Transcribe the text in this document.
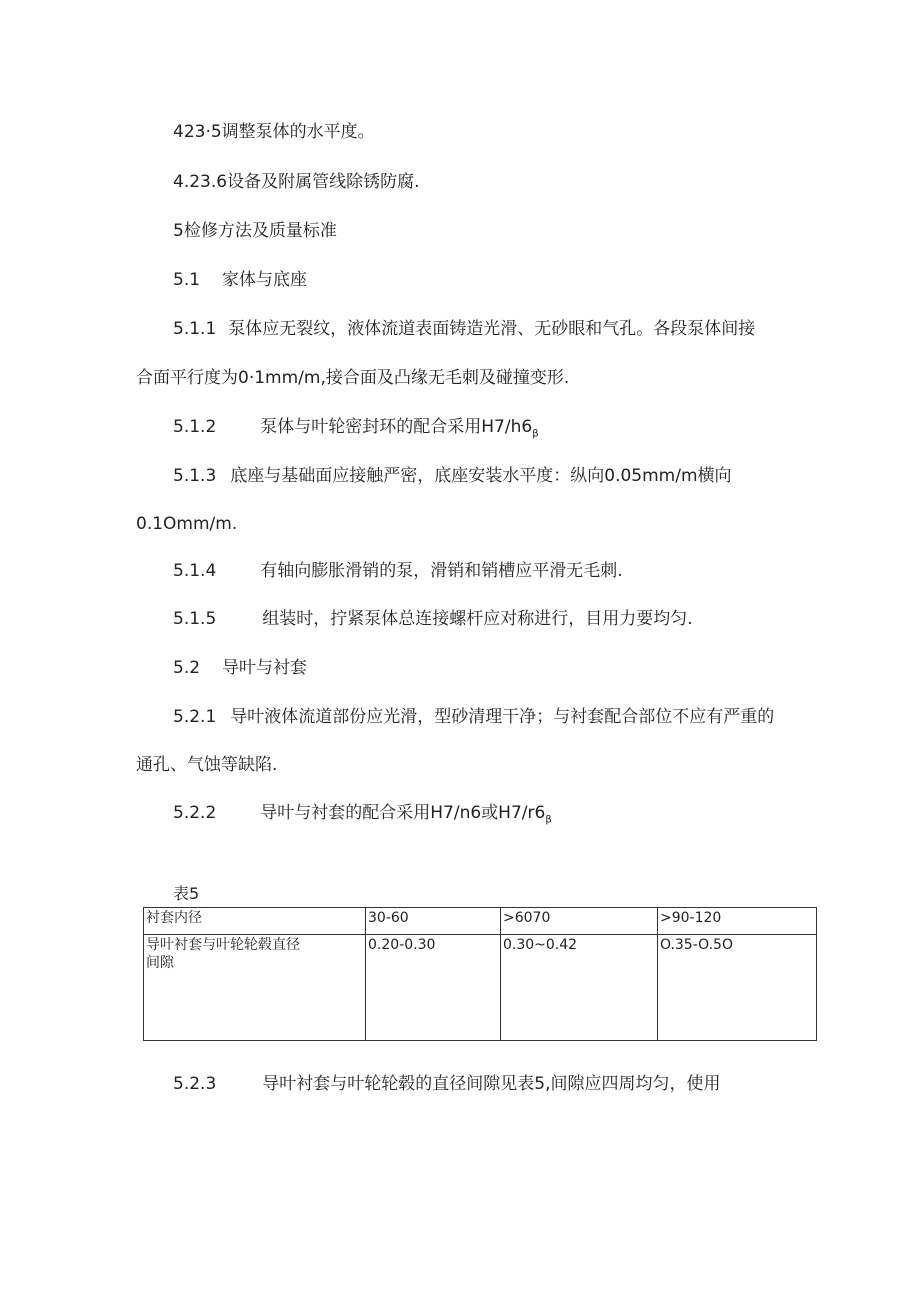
423·5调整泵体的水平度。
4.23.6设备及附属管线除锈防腐.
5检修方法及质量标准
5.1 家体与底座
5.1.1 泵体应无裂纹，液体流道表面铸造光滑、无砂眼和气孔。各段泵体间接
合面平行度为0·1mm∕m,接合面及凸缘无毛刺及碰撞变形.
5.1.2	泵体与叶轮密封环的配合采用$H7∕h6_\beta$
5.1.3 底座与基础面应接触严密，底座安装水平度：纵向0.05mm∕m横向
0.1Omm∕m.
5.1.4	有轴向膨胀滑销的泵，滑销和销槽应平滑无毛刺.
5.1.5	组装时，拧紧泵体总连接螺杆应对称进行，目用力要均匀.
5.2 导叶与衬套
5.2.1 导叶液体流道部份应光滑，型砂清理干净；与衬套配合部位不应有严重的
通孔、气蚀等缺陷.
5.2.2	导叶与衬套的配合采用H7/n6或$H7∕r6_\beta$
表5
衬套内径	30-60	>6070	>90-120
导叶衬套与叶轮轮毂直径
间隙	0.20-0.30	0.30~0.42	O.35-O.5O
5.2.3	导叶衬套与叶轮轮毂的直径间隙见表5,间隙应四周均匀，使用
